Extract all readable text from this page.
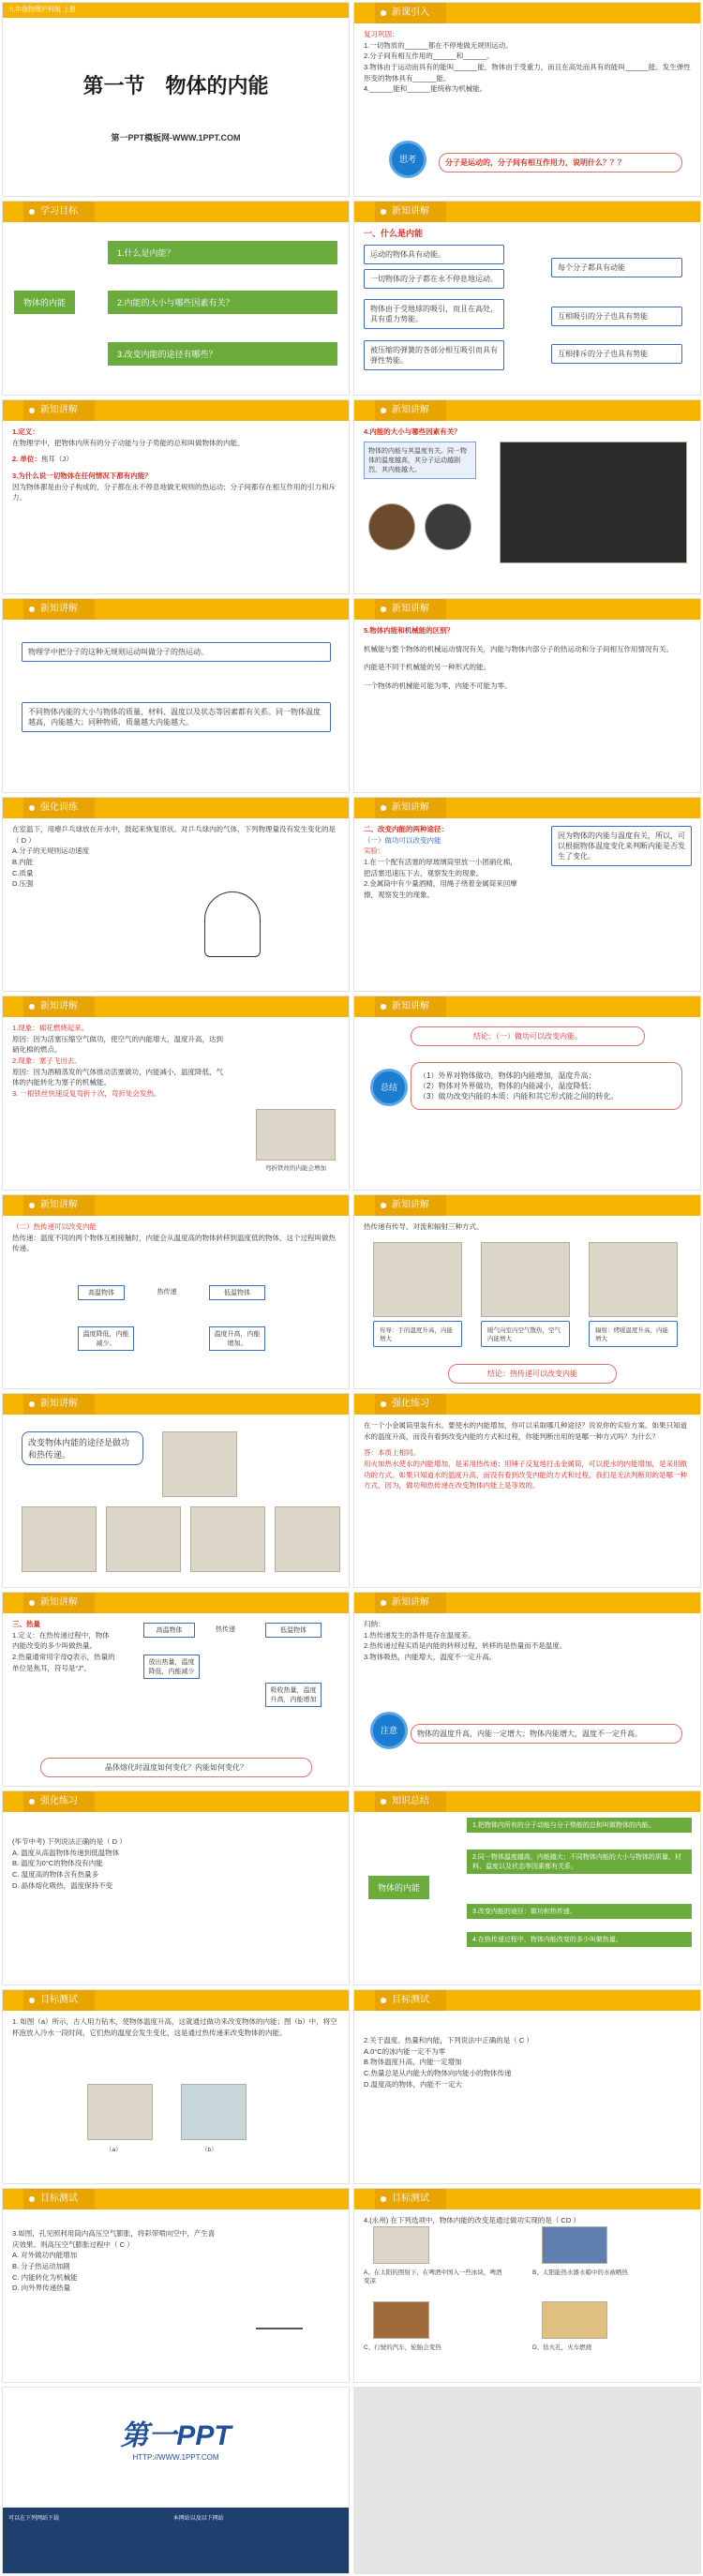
九年级物理沪科版 上册
第一节　物体的内能
第一PPT模板网-WWW.1PPT.COM
新课引入
复习巩固：
1.一切物质的______都在不停地做无规则运动。
2.分子间有相互作用的______和______。
3.物体由于运动而具有的能叫______能，物体由于受重力，而且在高处而具有的能叫______能。发生弹性形变的物体具有______能。
4.______能和______能统称为机械能。
思考	分子是运动的，分子间有相互作用力，说明什么？？？
学习目标
物体的内能
1.什么是内能？
2.内能的大小与哪些因素有关？
3.改变内能的途径有哪些？
新知讲解
一、什么是内能
运动的物体具有动能。
一切物体的分子都在永不停息地运动。
物体由于受地球的吸引，而且在高处，具有重力势能。
被压缩的弹簧的各部分相互吸引而具有弹性势能。
每个分子都具有动能
互相吸引的分子也具有势能
互相排斥的分子也具有势能
新知讲解
1.定义：
在物理学中，把物体内所有的分子动能与分子势能的总和叫做物体的内能。
2. 单位：焦耳（J）
3.为什么说一切物体在任何情况下都有内能？
因为物体都是由分子构成的，分子都在永不停息地做无规则的热运动；分子间都存在相互作用的引力和斥力。
新知讲解
4.内能的大小与哪些因素有关？
物体的内能与其温度有关。同一物体的温度越高，其分子运动越剧烈，其内能越大。
新知讲解
物理学中把分子的这种无规则运动叫做分子的热运动。
不同物体内能的大小与物体的质量、材料、温度以及状态等因素都有关系。同一物体温度越高，内能越大；同种物质，质量越大内能越大。
新知讲解
5.物体内能和机械能的区别？
机械能与整个物体的机械运动情况有关，内能与物体内部分子的热运动和分子间相互作用情况有关。
内能是不同于机械能的另一种形式的能。
一个物体的机械能可能为零，内能不可能为零。
强化训练
在室温下，用瘪乒乓球放在开水中，鼓起来恢复原状。对乒乓球内的气体，下列物理量没有发生变化的是（ D ）
A.分子的无规则运动速度
B.内能
C.质量
D.压强
新知讲解
二、改变内能的两种途径：
（一）做功可以改变内能
实验：
1.在一个配有活塞的厚玻璃筒里放一小团硝化棉，把活塞迅速压下去，观察发生的现象。
2.金属筒中有少量酒精，用绳子绕着金属筒来回摩擦，观察发生的现象。
因为物体的内能与温度有关，所以，可以根据物体温度变化来判断内能是否发生了变化。
新知讲解
1.现象：棉花燃烧起来。
原因：因为活塞压缩空气做功，使空气的内能增大，温度升高，达到硝化棉的燃点。
2.现象：塞子飞出去。
原因：因为酒精蒸发的气体推动活塞做功，内能减小，温度降低，气体的内能转化为塞子的机械能。
3. 一根铁丝快速反复弯折十次，弯折处会发热。
弯折铁丝的内能会增加
新知讲解
结论：（一）做功可以改变内能。
总结
（1）外界对物体做功，物体的内能增加，温度升高；
（2）物体对外界做功，物体的内能减小，温度降低；
（3）做功改变内能的本质：内能和其它形式能之间的转化。
新知讲解
（二）热传递可以改变内能
热传递：温度不同的两个物体互相接触时，内能会从温度高的物体转移到温度低的物体，这个过程叫做热传递。
高温物体	热传递	低温物体
温度降低，内能减少。
温度升高，内能增加。
新知讲解
热传递有传导、对流和辐射三种方式。
传导：手的温度升高，内能增大
暖气向室内空气散热，空气内能增大
辐射：烤暖温度升高，内能增大
结论：热传递可以改变内能
新知讲解
改变物体内能的途径是做功和热传递。
强化练习
在一个小金属筒里装有水。要使水的内能增加，你可以采取哪几种途径？说说你的实验方案。如果只知道水的温度升高，而没有看到改变内能的方式和过程，你能判断出用的是哪一种方式吗？为什么？
答：本质上相同。
用火加热水使水的内能增加，是采用热传递；用锤子反复地打击金属筒，可以使水的内能增加，是采用做功的方式。如果只知道水的温度升高，而没有看到改变内能的方式和过程，我们是无法判断用的是哪一种方式，因为，做功和热传递在改变物体内能上是等效的。
新知讲解
三、热量
1.定义：在热传递过程中，物体内能改变的多少叫做热量。
2.热量通常用字母Q表示，热量的单位是焦耳，符号是“J”。
高温物体	热传递	低温物体
放出热量，温度降低，内能减少
吸收热量，温度升高，内能增加
晶体熔化时温度如何变化？内能如何变化？
新知讲解
归纳：
1.热传递发生的条件是存在温度差。
2.热传递过程实质是内能的转移过程，转移的是热量而不是温度。
3.物体吸热，内能增大，温度不一定升高。
注意	物体的温度升高，内能一定增大；物体内能增大，温度不一定升高。
强化练习
(毕节中考) 下列说法正确的是（ D ）
A. 温度从高温物体传递到低温物体
B. 温度为0°C的物体没有内能
C. 温度高的物体含有热量多
D. 晶体熔化吸热，温度保持不变
知识总结
物体的内能
1.把物体内所有的分子动能与分子势能的总和叫做物体的内能。
2.同一物体温度越高，内能越大；不同物体内能的大小与物体的质量、材料、温度以及状态等因素都有关系。
3.改变内能的途径：做功和热传递。
4.在热传递过程中，物体内能改变的多少叫做热量。
目标测试
1. 如图（a）所示，古人用力钻木，使物体温度升高，这就通过做功来改变物体的内能；图（b）中，将空杯泡放入冷水一段时间，它们热的温度会发生变化，这是通过热传递来改变物体的内能。
（a）	（b）
目标测试
2.关于温度、热量和内能，下列说法中正确的是（ C ）
A.0°C的冰内能一定不为零
B.物体温度升高，内能一定增加
C.热量总是从内能大的物体向内能小的物体传递
D.温度高的物体，内能不一定大
目标测试
3.如图，孔见照利用筒内高压空气膨胀，将彩带喷向空中，产生喜庆效果。则高压空气膨胀过程中（ C ）
A. 对外做功内能增加
B. 分子热运动加剧
C. 内能转化为机械能
D. 向外界传递热量
目标测试
4.(永州) 在下列选项中，物体内能的改变是通过做功实现的是（ CD ）
A、在太阳的照射下，在啤酒中国入一些冰块，啤酒变凉
B、太阳能热水器水箱中的水被晒热
C、行驶的汽车，轮胎会变热	D、钻火孔，火车燃烧
第一PPT
HTTP://WWW.1PPT.COM
可以在下列网站下载	本网站以及以下网站
